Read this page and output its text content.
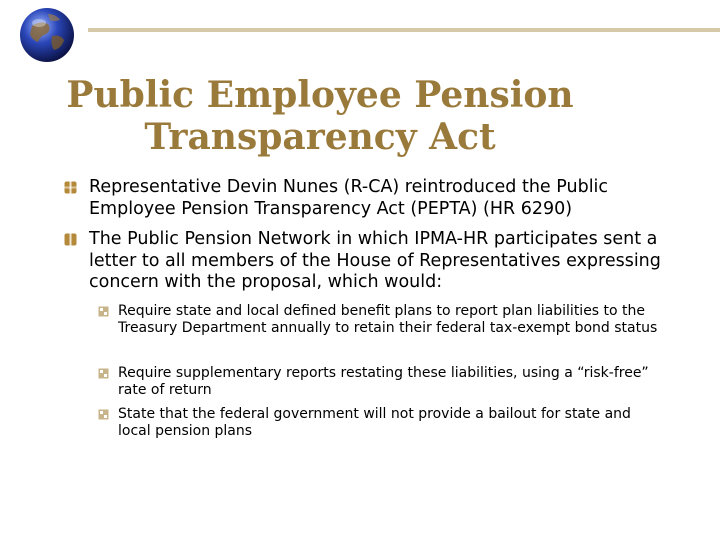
Public Employee Pension
Transparency Act
Representative Devin Nunes (R-CA) reintroduced the Public Employee Pension Transparency Act (PEPTA) (HR 6290)
The Public Pension Network in which IPMA-HR participates sent a letter to all members of the House of Representatives expressing concern with the proposal, which would:
Require state and local defined benefit plans to report plan liabilities to the Treasury Department annually to retain their federal tax-exempt bond status
Require supplementary reports restating these liabilities, using a “risk-free” rate of return
State that the federal government will not provide a bailout for state and local pension plans
